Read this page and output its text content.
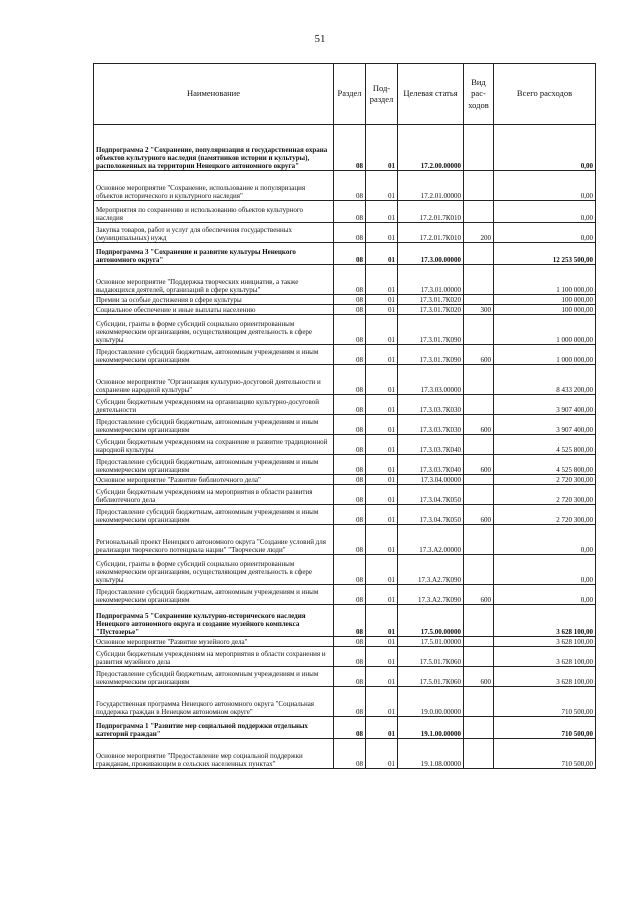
51
Наименование	Раздел	Под-раздел	Целевая статья	Вид рас-ходов	Всего расходов
Подпрограмма 2 "Сохранение, популяризация и государственная охрана объектов культурного наследия (памятников истории и культуры), расположенных на территории Ненецкого автономного округа"	08	01	17.2.00.00000		0,00
Основное мероприятие "Сохранение, использование и популяризация объектов исторического и культурного наследия"	08	01	17.2.01.00000		0,00
Мероприятия по сохранению и использованию объектов культурного наследия	08	01	17.2.01.7К010		0,00
Закупка товаров, работ и услуг для обеспечения государственных (муниципальных) нужд	08	01	17.2.01.7К010	200	0,00
Подпрограмма 3 "Сохранение и развитие культуры Ненецкого автономного округа"	08	01	17.3.00.00000		12 253 500,00
Основное мероприятие "Поддержка творческих инициатив, а также выдающихся деятелей, организаций в сфере культуры"	08	01	17.3.01.00000		1 100 000,00
Премии за особые достижения в сфере культуры	08	01	17.3.01.7К020		100 000,00
Социальное обеспечение и иные выплаты населению	08	01	17.3.01.7К020	300	100 000,00
Субсидии, гранты в форме субсидий социально ориентированным некоммерческим организациям, осуществляющим деятельность в сфере культуры	08	01	17.3.01.7К090		1 000 000,00
Предоставление субсидий бюджетным, автономным учреждениям и иным некоммерческим организациям	08	01	17.3.01.7К090	600	1 000 000,00
Основное мероприятие "Организация культурно-досуговой деятельности и сохранение народной культуры"	08	01	17.3.03.00000		8 433 200,00
Субсидии бюджетным учреждениям на организацию культурно-досуговой деятельности	08	01	17.3.03.7К030		3 907 400,00
Предоставление субсидий бюджетным, автономным учреждениям и иным некоммерческим организациям	08	01	17.3.03.7К030	600	3 907 400,00
Субсидии бюджетным учреждениям на сохранение и развитие традиционной народной культуры	08	01	17.3.03.7К040		4 525 800,00
Предоставление субсидий бюджетным, автономным учреждениям и иным некоммерческим организациям	08	01	17.3.03.7К040	600	4 525 800,00
Основное мероприятие "Развитие библиотечного дела"	08	01	17.3.04.00000		2 720 300,00
Субсидии бюджетным учреждениям на мероприятия в области развития библиотечного дела	08	01	17.3.04.7К050		2 720 300,00
Предоставление субсидий бюджетным, автономным учреждениям и иным некоммерческим организациям	08	01	17.3.04.7К050	600	2 720 300,00
Региональный проект Ненецкого автономного округа "Создание условий для реализации творческого потенциала нации" "Творческие люди"	08	01	17.3.А2.00000		0,00
Субсидии, гранты в форме субсидий социально ориентированным некоммерческим организациям, осуществляющим деятельность в сфере культуры	08	01	17.3.А2.7К090		0,00
Предоставление субсидий бюджетным, автономным учреждениям и иным некоммерческим организациям	08	01	17.3.А2.7К090	600	0,00
Подпрограмма 5 "Сохранение культурно-исторического наследия Ненецкого автономного округа и создание музейного комплекса "Пустозерье"	08	01	17.5.00.00000		3 628 100,00
Основное мероприятие "Развитие музейного дела"	08	01	17.5.01.00000		3 628 100,00
Субсидии бюджетным учреждениям на мероприятия в области сохранения и развития музейного дела	08	01	17.5.01.7К060		3 628 100,00
Предоставление субсидий бюджетным, автономным учреждениям и иным некоммерческим организациям	08	01	17.5.01.7К060	600	3 628 100,00
Государственная программа Ненецкого автономного округа "Социальная поддержка граждан в Ненецком автономном округе"	08	01	19.0.00.00000		710 500,00
Подпрограмма 1 "Развитие мер социальной поддержки отдельных категорий граждан"	08	01	19.1.00.00000		710 500,00
Основное мероприятие "Предоставление мер социальной поддержки гражданам, проживающим в сельских населенных пунктах"	08	01	19.1.08.00000		710 500,00
